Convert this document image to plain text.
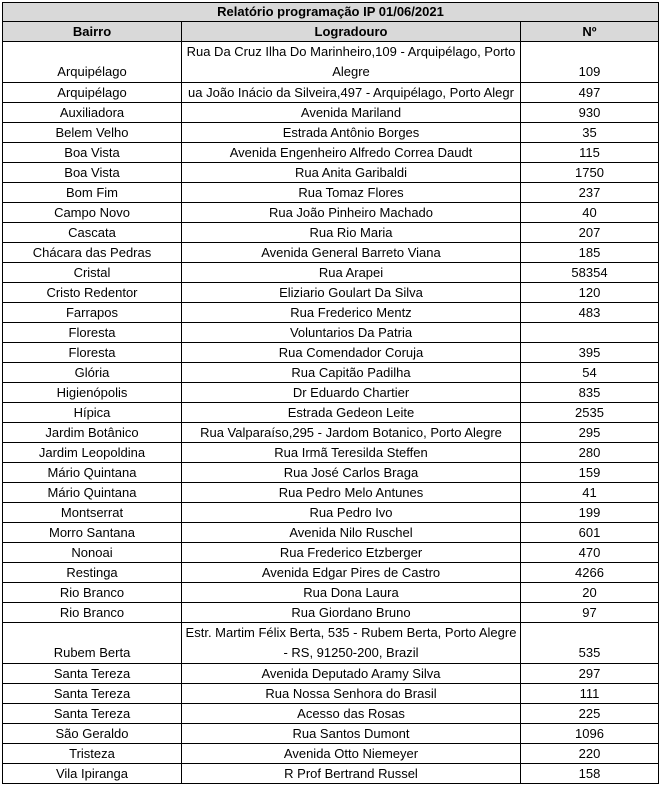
Relatório programação IP 01/06/2021		
Bairro	Logradouro	Nº
Arquipélago	Rua Da Cruz Ilha Do Marinheiro,109 - Arquipélago, Porto Alegre	109
Arquipélago	ua João Inácio da Silveira,497 - Arquipélago, Porto Alegr	497
Auxiliadora	Avenida Mariland	930
Belem Velho	Estrada Antônio Borges	35
Boa Vista	Avenida Engenheiro Alfredo Correa Daudt	115
Boa Vista	Rua Anita Garibaldi	1750
Bom Fim	Rua Tomaz Flores	237
Campo Novo	Rua João Pinheiro Machado	40
Cascata	Rua Rio Maria	207
Chácara das Pedras	Avenida General Barreto Viana	185
Cristal	Rua Arapei	58354
Cristo Redentor	Eliziario Goulart Da Silva	120
Farrapos	Rua Frederico Mentz	483
Floresta	Voluntarios Da Patria	
Floresta	Rua Comendador Coruja	395
Glória	Rua Capitão Padilha	54
Higienópolis	Dr Eduardo Chartier	835
Hípica	Estrada Gedeon Leite	2535
Jardim Botânico	Rua Valparaíso,295 - Jardom Botanico, Porto Alegre	295
Jardim Leopoldina	Rua Irmã Teresilda Steffen	280
Mário Quintana	Rua José Carlos Braga	159
Mário Quintana	Rua Pedro Melo Antunes	41
Montserrat	Rua Pedro Ivo	199
Morro Santana	Avenida Nilo Ruschel	601
Nonoai	Rua Frederico Etzberger	470
Restinga	Avenida Edgar Pires de Castro	4266
Rio Branco	Rua Dona Laura	20
Rio Branco	Rua Giordano Bruno	97
Rubem Berta	Estr. Martim Félix Berta, 535 - Rubem Berta, Porto Alegre - RS, 91250-200, Brazil	535
Santa Tereza	Avenida Deputado Aramy Silva	297
Santa Tereza	Rua Nossa Senhora do Brasil	111
Santa Tereza	Acesso das Rosas	225
São Geraldo	Rua Santos Dumont	1096
Tristeza	Avenida Otto Niemeyer	220
Vila Ipiranga	R Prof Bertrand Russel	158
